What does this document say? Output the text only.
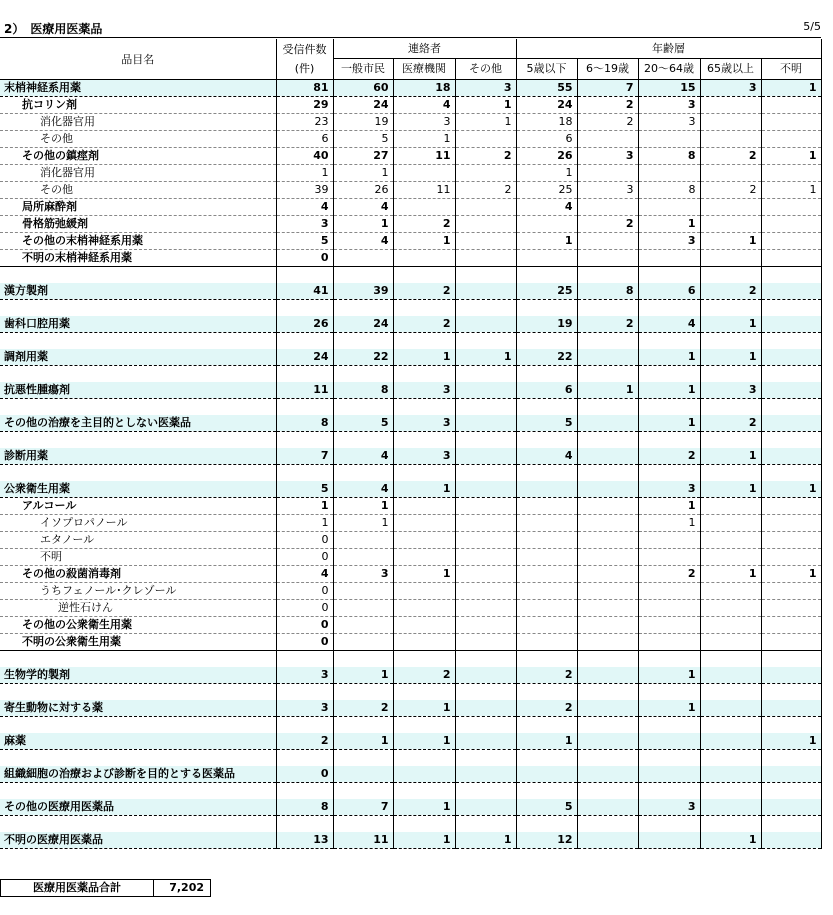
2）　医療用医薬品	5/5
品目名	受信件数
(件)	連絡者			年齢層				
		一般市民	医療機関	その他	5歳以下	6～19歳	20～64歳	65歳以上	不明
末梢神経系用薬	81	60	18	3	55	7	15	3	1
抗コリン剤	29	24	4	1	24	2	3		
消化器官用	23	19	3	1	18	2	3		
その他	6	5	1		6				
その他の鎮痙剤	40	27	11	2	26	3	8	2	1
消化器官用	1	1			1				
その他	39	26	11	2	25	3	8	2	1
局所麻酔剤	4	4			4				
骨格筋弛緩剤	3	1	2			2	1		
その他の末梢神経系用薬	5	4	1		1		3	1	
不明の末梢神経系用薬	0								

漢方製剤	41	39	2		25	8	6	2	

歯科口腔用薬	26	24	2		19	2	4	1	

調剤用薬	24	22	1	1	22		1	1	

抗悪性腫瘍剤	11	8	3		6	1	1	3	

その他の治療を主目的としない医薬品	8	5	3		5		1	2	

診断用薬	7	4	3		4		2	1	

公衆衛生用薬	5	4	1				3	1	1
アルコール	1	1					1		
イソプロパノール	1	1					1		
エタノール	0								
不明	0								
その他の殺菌消毒剤	4	3	1				2	1	1
うちフェノール･クレゾール	0								
逆性石けん	0								
その他の公衆衛生用薬	0								
不明の公衆衛生用薬	0								

生物学的製剤	3	1	2		2		1		

寄生動物に対する薬	3	2	1		2		1		

麻薬	2	1	1		1				1

組織細胞の治療および診断を目的とする医薬品	0								

その他の医療用医薬品	8	7	1		5		3		

不明の医療用医薬品	13	11	1	1	12			1	
医療用医薬品合計	7,202
